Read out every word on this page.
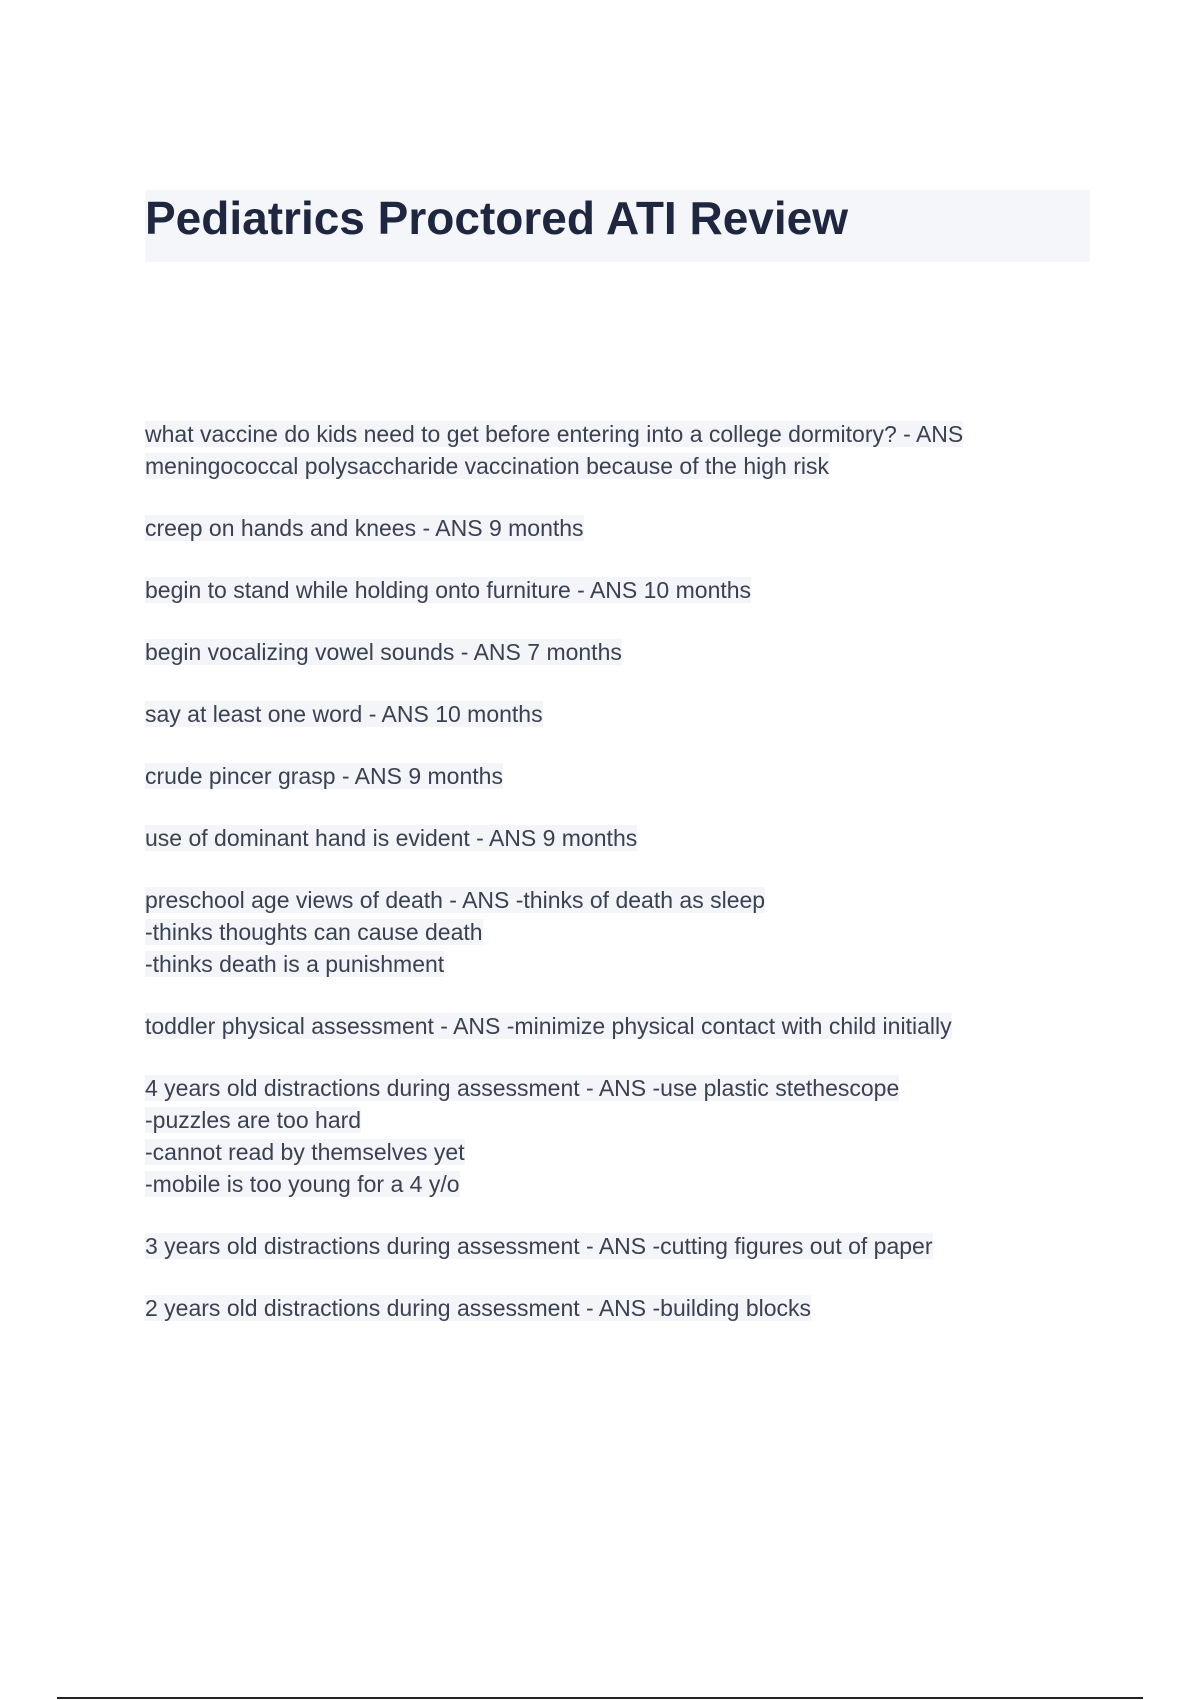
Pediatrics Proctored ATI Review
what vaccine do kids need to get before entering into a college dormitory? - ANS
meningococcal polysaccharide vaccination because of the high risk
creep on hands and knees - ANS 9 months
begin to stand while holding onto furniture - ANS 10 months
begin vocalizing vowel sounds - ANS 7 months
say at least one word - ANS 10 months
crude pincer grasp - ANS 9 months
use of dominant hand is evident - ANS 9 months
preschool age views of death - ANS -thinks of death as sleep
-thinks thoughts can cause death
-thinks death is a punishment
toddler physical assessment - ANS -minimize physical contact with child initially
4 years old distractions during assessment - ANS -use plastic stethescope
-puzzles are too hard
-cannot read by themselves yet
-mobile is too young for a 4 y/o
3 years old distractions during assessment - ANS -cutting figures out of paper
2 years old distractions during assessment - ANS -building blocks
